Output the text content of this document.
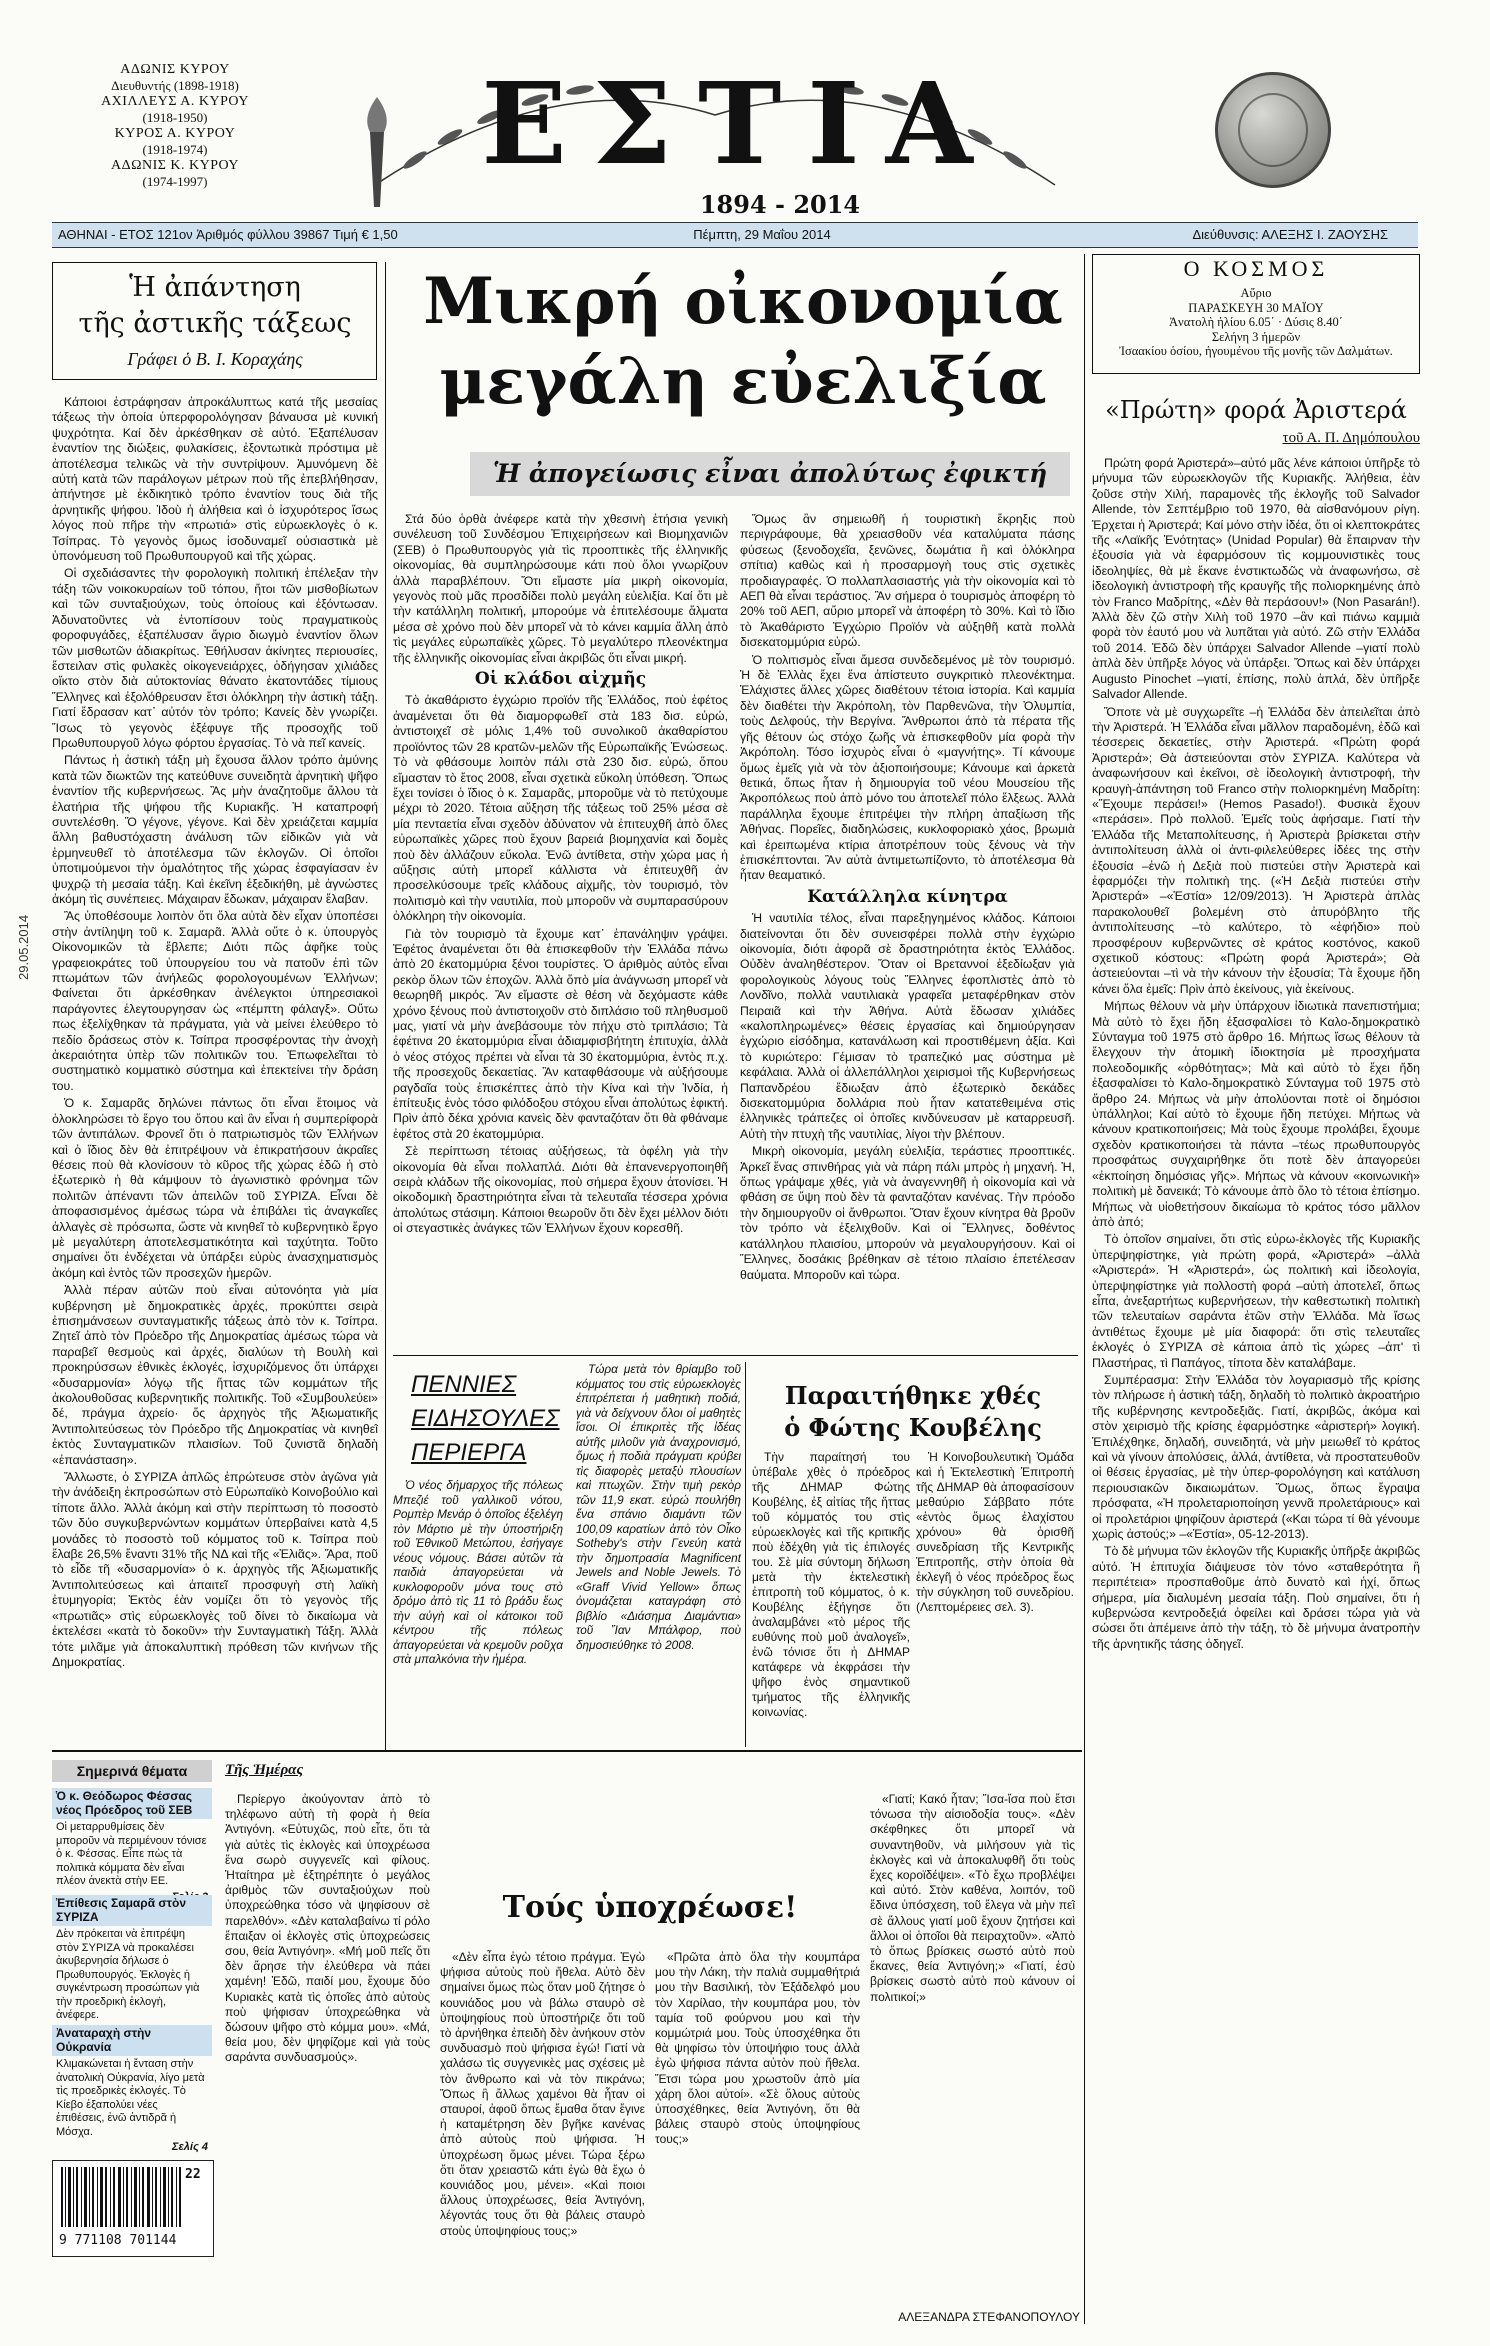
ΑΔΩΝΙΣ ΚΥΡΟΥ
Διευθυντής (1898-1918)
ΑΧΙΛΛΕΥΣ Α. ΚΥΡΟΥ
(1918-1950)
ΚΥΡΟΣ Α. ΚΥΡΟΥ
(1918-1974)
ΑΔΩΝΙΣ Κ. ΚΥΡΟΥ
(1974-1997)	ΕΣΤΙΑ
1894 - 2014
ΑΘΗΝΑΙ - ΕΤΟΣ 121ον Ἀριθμός φύλλου 39867 Τιμή € 1,50	Πέμπτη, 29 Μαΐου 2014	Διεύθυνσις: ΑΛΕΞΗΣ Ι. ΖΑΟΥΣΗΣ
Ἡ ἀπάντηση
τῆς ἀστικῆς τάξεως
Γράφει ὁ Β. Ι. Κοραχάης

Κάποιοι ἐστράφησαν ἀπροκάλυπτως κατά τῆς μεσαίας τάξεως τὴν ὁποία ὑπερφορολόγησαν βάναυσα μὲ κυνική ψυχρότητα. Καί δὲν ἀρκέσθηκαν σὲ αὐτό. Ἐξαπέλυσαν ἐναντίον της διώξεις, φυλακίσεις, ἐξοντωτικὰ πρόστιμα μὲ ἀποτέλεσμα τελικῶς νὰ τὴν συντρίψουν. Ἀμυνόμενη δὲ αὐτή κατὰ τῶν παράλογων μέτρων ποὺ τῆς ἐπεβλήθησαν, ἀπήντησε μὲ ἐκδικητικὸ τρόπο ἐναντίον τους διὰ τῆς ἀρνητικῆς ψήφου. Ἰδοὺ ἡ ἀλήθεια καὶ ὁ ἰσχυρότερος ἴσως λόγος ποὺ πῆρε τὴν «πρωτιά» στὶς εὐρωεκλογὲς ὁ κ. Τσίπρας. Τὸ γεγονὸς ὅμως ἰσοδυναμεῖ οὐσιαστικὰ μὲ ὑπονόμευση τοῦ Πρωθυπουργοῦ καὶ τῆς χώρας.

Οἱ σχεδιάσαντες τὴν φορολογικὴ πολιτική ἐπέλεξαν τὴν τάξη τῶν νοικοκυραίων τοῦ τόπου, ἤτοι τῶν μισθοβίωτων καὶ τῶν συνταξιούχων, τοὺς ὁποίους καὶ ἐξόντωσαν. Ἀδυνατοῦντες νὰ ἐντοπίσουν τοὺς πραγματικοὺς φοροφυγάδες, ἐξαπέλυσαν ἄγριο διωγμὸ ἐναντίον ὅλων τῶν μισθωτῶν ἀδιακρίτως. Ἐθήλυσαν ἀκίνητες περιουσίες, ἔστειλαν στὶς φυλακὲς οἰκογενειάρχες, ὁδήγησαν χιλιάδες οἴκτο στὸν διὰ αὐτοκτονίας θάνατο ἑκατοντάδες τίμιους Ἕλληνες καὶ ἐξολόθρευσαν ἔτσι ὁλόκληρη τὴν ἀστικὴ τάξη. Γιατί ἔδρασαν κατ᾽ αὐτόν τὸν τρόπο; Κανείς δὲν γνωρίζει. Ἴσως τὸ γεγονὸς ἐξέφυγε τῆς προσοχῆς τοῦ Πρωθυπουργοῦ λόγω φόρτου ἐργασίας. Τὸ νὰ πεῖ κανείς.

Πάντως ἡ ἀστικὴ τάξη μὴ ἔχουσα ἄλλον τρόπο ἀμύνης κατὰ τῶν διωκτῶν της κατεύθυνε συνειδητὰ ἀρνητικὴ ψῆφο ἐναντίον τῆς κυβερνήσεως. Ἂς μὴν ἀναζητοῦμε ἄλλου τὰ ἐλατήρια τῆς ψήφου τῆς Κυριακῆς. Ἡ καταπροφή συντελέσθη. Ὅ γέγονε, γέγονε. Καὶ δὲν χρειάζεται καμμία ἄλλη βαθυστόχαστη ἀνάλυση τῶν εἰδικῶν γιὰ νὰ ἑρμηνευθεῖ τὸ ἀποτέλεσμα τῶν ἐκλογῶν. Οἱ ὁποῖοι ὑποτιμούμενοι τὴν ὁμαλότητος τῆς χώρας ἐσφαγίασαν ἐν ψυχρῷ τὴ μεσαία τάξη. Καὶ ἐκεῖνη ἐξεδικήθη, μὲ ἀγνώστες ἀκόμη τὶς συνέπειες. Μάχαιραν ἔδωκαν, μάχαιραν ἔλαβαν.

Ἂς ὑποθέσουμε λοιπὸν ὅτι ὅλα αὐτὰ δὲν εἶχαν ὑποπέσει στὴν ἀντίληψη τοῦ κ. Σαμαρᾶ. Ἀλλὰ οὔτε ὁ κ. ὑπουργὸς Οἰκονομικῶν τὰ ἔβλεπε; Διότι πῶς ἀφῆκε τοὺς γραφειοκράτες τοῦ ὑπουργείου του νὰ πατοῦν ἐπὶ τῶν πτωμάτων τῶν ἀνήλεῶς φορολογουμένων Ἑλλήνων; Φαίνεται ὅτι ἀρκέσθηκαν ἀνέλεγκτοι ὑπηρεσιακοὶ παράγοντες ἐλεγτουργησαν ὡς «πέμπτη φάλαγξ». Οὔτω πως ἐξελίχθηκαν τὰ πράγματα, γιὰ νὰ μείνει ἐλεύθερο τὸ πεδίο δράσεως στὸν κ. Τσίπρα προσφέροντας τὴν ἀνοχὴ ἀκεραιότητα ὑπὲρ τῶν πολιτικῶν του. Ἐπωφελεῖται τὸ συστηματικὸ κομματικὸ σύστημα καὶ ἐπεκτείνει τὴν δράση του.

Ὁ κ. Σαμαρᾶς δηλώνει πάντως ὅτι εἶναι ἕτοιμος νὰ ὁλοκληρώσει τὸ ἔργο του ὅπου καὶ ἂν εἶναι ἡ συμπερίφορὰ τῶν ἀντιπάλων. Φρονεῖ ὅτι ὁ πατριωτισμὸς τῶν Ἑλλήνων καὶ ὁ ἴδιος δὲν θὰ ἐπιτρέψουν νὰ ἐπικρατήσουν ἀκραῖες θέσεις ποὺ θὰ κλονίσουν τὸ κῦρος τῆς χώρας ἐδῶ ἡ στὸ ἐξωτερικὸ ἡ θὰ κάμψουν τὸ ἀγωνιστικὸ φρόνημα τῶν πολιτῶν ἀπέναντι τῶν ἀπειλῶν τοῦ ΣΥΡΙΖΑ. Εἶναι δὲ ἀποφασισμένος ἀμέσως τώρα νὰ ἐπιβάλει τὶς ἀναγκαῖες ἀλλαγὲς σὲ πρόσωπα, ὥστε νὰ κινηθεῖ τὸ κυβερνητικὸ ἔργο μὲ μεγαλύτερη ἀποτελεσματικότητα καὶ ταχύτητα. Τοῦτο σημαίνει ὅτι ἐνδέχεται νὰ ὑπάρξει εὐρὺς ἀνασχηματισμὸς ἀκόμη καὶ ἐντὸς τῶν προσεχῶν ἡμερῶν.

Ἀλλὰ πέραν αὐτῶν ποὺ εἶναι αὐτονόητα γιὰ μία κυβέρνηση μὲ δημοκρατικὲς ἀρχές, προκύπτει σειρὰ ἐπισημάνσεων συνταγματικῆς τάξεως ἀπὸ τὸν κ. Τσίπρα. Ζητεῖ ἀπὸ τὸν Πρόεδρο τῆς Δημοκρατίας ἀμέσως τώρα νὰ παραβεῖ θεσμοὺς καὶ ἀρχές, διαλύων τὴ Βουλὴ καὶ προκηρύσσων ἐθνικὲς ἐκλογές, ἰσχυριζόμενος ὅτι ὑπάρχει «δυσαρμονία» λόγῳ τῆς ἥττας τῶν κομμάτων τῆς ἀκολουθοῦσας κυβερνητικῆς πολιτικῆς. Τοῦ «Συμβουλεύει» δέ, πράγμα ἀχρείο· ὅς ἀρχηγὸς τῆς Ἀξιωματικῆς Ἀντιπολιτεύσεως τὸν Πρόεδρο τῆς Δημοκρατίας νὰ κινηθεῖ ἐκτὸς Συνταγματικῶν πλαισίων. Τοῦ ζυνιστᾶ δηλαδὴ «ἐπανάσταση».

Ἄλλωστε, ὁ ΣΥΡΙΖΑ ἀπλῶς ἐπρώτευσε στὸν ἀγῶνα γιὰ τὴν ἀνάδειξη ἐκπροσώπων στὸ Εὐρωπαϊκὸ Κοινοβούλιο καὶ τίποτε ἄλλο. Ἀλλὰ ἀκόμη καὶ στὴν περίπτωση τὸ ποσοστὸ τῶν δύο συγκυβερνώντων κομμάτων ὑπερβαίνει κατὰ 4,5 μονάδες τὸ ποσοστὸ τοῦ κόμματος τοῦ κ. Τσίπρα ποὺ ἔλαβε 26,5% ἔναντι 31% τῆς ΝΔ καὶ τῆς «Ἐλιᾶς». Ἄρα, ποῦ τὸ εἶδε τῆ «δυσαρμονία» ὁ κ. ἀρχηγὸς τῆς Ἀξιωματικῆς Ἀντιπολιτεύσεως καὶ ἀπαιτεῖ προσφυγὴ στὴ λαϊκὴ ἐτυμηγορία; Ἐκτὸς ἐὰν νομίζει ὅτι τὸ γεγονὸς τῆς «πρωτιᾶς» στὶς εὐρωεκλογὲς τοῦ δίνει τὸ δικαίωμα νὰ ἐκτελέσει «κατὰ τὸ δοκοῦν» τὴν Συνταγματικὴ Τάξη. Ἀλλὰ τότε μιλᾶμε γιὰ ἀποκαλυπτικὴ πρόθεση τῶν κινήνων τῆς Δημοκρατίας.

29.05.2014
Μικρή οἰκονομία
μεγάλη εὐελιξία
Ἡ ἀπογείωσις εἶναι ἀπολύτως ἐφικτή

Στά δύο ὁρθὰ ἀνέφερε κατὰ τὴν χθεσινὴ ἐτήσια γενικὴ συνέλευση τοῦ Συνδέσμου Ἐπιχειρήσεων καὶ Βιομηχανιῶν (ΣΕΒ) ὁ Πρωθυπουργὸς γιὰ τὶς προοπτικὲς τῆς ἑλληνικῆς οἰκονομίας, θὰ συμπληρώσουμε κάτι ποὺ ὅλοι γνωρίζουν ἀλλὰ παραβλέπουν. Ὅτι εἴμαστε μία μικρὴ οἰκονομία, γεγονὸς ποὺ μᾶς προσδίδει πολὺ μεγάλη εὐελιξία. Καί ὅτι μὲ τὴν κατάλληλη πολιτική, μπορούμε νὰ ἐπιτελέσουμε ἅλματα μέσα σὲ χρόνο ποὺ δὲν μπορεῖ νὰ τὸ κάνει καμμία ἄλλη ἀπὸ τὶς μεγάλες εὐρωπαϊκὲς χῶρες. Τὸ μεγαλύτερο πλεονέκτημα τῆς ἑλληνικῆς οἰκονομίας εἶναι ἀκριβῶς ὅτι εἶναι μικρή.

Οἱ κλάδοι αἰχμῆς

Τὸ ἀκαθάριστο ἐγχώριο προϊόν τῆς Ἑλλάδος, ποὺ ἐφέτος ἀναμένεται ὅτι θὰ διαμορφωθεῖ στὰ 183 δισ. εὐρώ, ἀντιστοιχεῖ σὲ μόλις 1,4% τοῦ συνολικοῦ ἀκαθαρίστου προϊόντος τῶν 28 κρατῶν-μελῶν τῆς Εὐρωπαϊκῆς Ἑνώσεως. Τὸ νὰ φθάσουμε λοιπὸν πάλι στὰ 230 δισ. εὐρώ, ὅπου εἴμασταν τὸ ἔτος 2008, εἶναι σχετικὰ εὔκολη ὑπόθεση. Ὅπως ἔχει τονίσει ὁ ἴδιος ὁ κ. Σαμαρᾶς, μποροῦμε νὰ τὸ πετύχουμε μέχρι τὸ 2020. Τέτοια αὔξηση τῆς τάξεως τοῦ 25% μέσα σὲ μία πενταετία εἶναι σχεδὸν ἀδύνατον νὰ ἐπιτευχθῆ ἀπὸ ὅλες εὐρωπαϊκὲς χῶρες ποὺ ἔχουν βαρειά βιομηχανία καὶ δομὲς ποὺ δὲν ἀλλάζουν εὔκολα. Ἐνῶ ἀντίθετα, στὴν χώρα μας ἡ αὔξησις αὐτὴ μπορεῖ κάλλιστα νὰ ἐπιτευχθῆ ἀν προσελκύσουμε τρεῖς κλάδους αἰχμῆς, τὸν τουρισμό, τὸν πολιτισμὸ καὶ τὴν ναυτιλία, ποὺ μποροῦν νὰ συμπαρασύρουν ὁλόκληρη τὴν οἰκονομία.

Γιὰ τὸν τουρισμὸ τὰ ἔχουμε κατ᾽ ἐπανάληψιν γράψει. Ἐφέτος ἀναμένεται ὅτι θὰ ἐπισκεφθοῦν τὴν Ἑλλάδα πάνω ἀπὸ 20 ἑκατομμύρια ξένοι τουρίστες. Ὁ ἀριθμὸς αὐτὸς εἶναι ρεκὸρ ὅλων τῶν ἐποχῶν. Ἀλλὰ ὅπὸ μία ἀνάγνωση μπορεῖ νὰ θεωρηθῆ μικρός. Ἂν εἴμαστε σὲ θέση νὰ δεχόμαστε κάθε χρόνο ξένους ποὺ ἀντιστοιχοῦν στὸ διπλάσιο τοῦ πληθυσμοῦ μας, γιατί νὰ μὴν ἀνεβάσουμε τὸν πήχυ στὸ τριπλάσιο; Τὰ ἐφέτινα 20 ἑκατομμύρια εἶναι ἀδιαμφισβήτητη ἐπιτυχία, ἀλλὰ ὁ νέος στόχος πρέπει νὰ εἶναι τὰ 30 ἑκατομμύρια, ἐντὸς π.χ. τῆς προσεχοῦς δεκαετίας. Ἂν καταφθάσουμε νὰ αὐξήσουμε ραγδαῖα τοὺς ἐπισκέπτες ἀπὸ τὴν Κίνα καὶ τὴν Ἰνδία, ἡ ἐπίτευξις ἑνὸς τόσο φιλόδοξου στόχου εἶναι ἀπολύτως ἐφικτή. Πρὶν ἀπὸ δέκα χρόνια κανεὶς δὲν φανταζόταν ὅτι θὰ φθάναμε ἐφέτος στὰ 20 ἑκατομμύρια.

Σὲ περίπτωση τέτοιας αὐξήσεως, τὰ ὀφέλη γιὰ τὴν οἰκονομία θὰ εἶναι πολλαπλά. Διότι θὰ ἐπανενεργοποιηθῆ σειρὰ κλάδων τῆς οἰκονομίας, ποὺ σήμερα ἔχουν ἀτονίσει. Ἡ οἰκοδομικὴ δραστηριότητα εἶναι τὰ τελευταῖα τέσσερα χρόνια ἀπολύτως στάσιμη. Κάποιοι θεωροῦν ὅτι δὲν ἔχει μέλλον διότι οἱ στεγαστικὲς ἀνάγκες τῶν Ἑλλήνων ἔχουν κορεσθῆ.

Ὅμως ἂν σημειωθῆ ἡ τουριστικὴ ἔκρηξις ποὺ περιγράφουμε, θὰ χρειασθοῦν νέα καταλύματα πάσης φύσεως (ξενοδοχεῖα, ξενῶνες, δωμάτια ἢ καὶ ὁλόκληρα σπίτια) καθὼς καὶ ἡ προσαρμογὴ τους στὶς σχετικὲς προδιαγραφές. Ὁ πολλαπλασιαστής γιὰ τὴν οἰκονομία καὶ τὸ ΑΕΠ θὰ εἶναι τεράστιος. Ἂν σήμερα ὁ τουρισμὸς ἀποφέρη τὸ 20% τοῦ ΑΕΠ, αὔριο μπορεῖ νὰ ἀποφέρη τὸ 30%. Καὶ τὸ ἴδιο τὸ Ἀκαθάριστο Ἐγχώριο Προϊόν νὰ αὐξηθῆ κατὰ πολλὰ δισεκατομμύρια εὐρώ.

Ὁ πολιτισμὸς εἶναι ἄμεσα συνδεδεμένος μὲ τὸν τουρισμό. Ἡ δὲ Ἑλλὰς ἔχει ἕνα ἀπίστευτο συγκριτικὸ πλεονέκτημα. Ἐλάχιστες ἄλλες χῶρες διαθέτουν τέτοια ἱστορία. Καὶ καμμία δὲν διαθέτει τὴν Ἀκρόπολη, τὸν Παρθενῶνα, τὴν Ὀλυμπία, τοὺς Δελφούς, τὴν Βεργίνα. Ἄνθρωποι ἀπὸ τὰ πέρατα τῆς γῆς θέτουν ὡς στόχο ζωῆς νὰ ἐπισκεφθοῦν μία φορὰ τὴν Ἀκρόπολη. Τόσο ἰσχυρὸς εἶναι ὁ «μαγνήτης». Τί κάνουμε ὅμως ἐμεῖς γιὰ νὰ τὸν ἀξιοποιήσουμε; Κάνουμε καὶ ἀρκετὰ θετικά, ὅπως ἦταν ἡ δημιουργία τοῦ νέου Μουσείου τῆς Ἀκροπόλεως ποὺ ἀπὸ μόνο του ἀποτελεῖ πόλο ἕλξεως. Ἀλλὰ παράλληλα ἔχουμε ἐπιτρέψει τὴν πλήρη ἀπαξίωση τῆς Ἀθήνας. Πορεῖες, διαδηλώσεις, κυκλοφοριακὸ χάος, βρωμιὰ καὶ ἐρειπωμένα κτίρια ἀποτρέπουν τοὺς ξένους νὰ τὴν ἐπισκέπτονται. Ἂν αὐτὰ ἀντιμετωπίζοντο, τὸ ἀποτέλεσμα θὰ ἦταν θεαματικό.

Κατάλληλα κίνητρα

Ἡ ναυτιλία τέλος, εἶναι παρεξηγημένος κλάδος. Κάποιοι διατείνονται ὅτι δὲν συνεισφέρει πολλὰ στὴν ἐγχώριο οἰκονομία, διότι ἀφορᾶ σὲ δραστηριότητα ἐκτὸς Ἑλλάδος. Οὐδὲν ἀναληθέστερον. Ὅταν οἱ Βρεταννοί ἐξεδίωξαν γιὰ φορολογικοὺς λόγους τοὺς Ἕλληνες ἐφοπλιστὲς ἀπὸ τὸ Λονδῖνο, πολλὰ ναυτιλιακὰ γραφεῖα μεταφέρθηκαν στὸν Πειραιᾶ καὶ τὴν Ἀθήνα. Αὐτὰ ἔδωσαν χιλιάδες «καλοπληρωμένες» θέσεις ἐργασίας καὶ δημιούργησαν ἐγχώριο εἰσόδημα, κατανάλωση καὶ προστιθέμενη ἀξία. Καὶ τὸ κυριώτερο: Γέμισαν τὸ τραπεζικό μας σύστημα μὲ κεφάλαια. Ἀλλὰ οἱ ἀλλεπάλληλοι χειρισμοὶ τῆς Κυβερνήσεως Παπανδρέου ἔδιωξαν ἀπὸ ἐξωτερικὸ δεκάδες δισεκατομμύρια δολλάρια ποὺ ἦταν κατατεθειμένα στὶς ἑλληνικὲς τράπεζες οἱ ὁποῖες κινδύνευσαν μὲ καταρρευσῆ. Αὐτὴ τὴν πτυχὴ τῆς ναυτιλίας, λίγοι τὴν βλέπουν.

Μικρὴ οἰκονομία, μεγάλη εὐελιξία, τεράστιες προοπτικές. Ἀρκεῖ ἕνας σπινθήρας γιὰ νὰ πάρη πάλι μπρὸς ἡ μηχανή. Ἡ, ὅπως γράψαμε χθές, γιὰ νὰ ἀναγεννηθῆ ἡ οἰκονομία καὶ νὰ φθάση σε ὕψη ποὺ δὲν τὰ φανταζόταν κανένας. Τὴν πρόοδο τὴν δημιουργοῦν οἱ ἄνθρωποι. Ὅταν ἔχουν κίνητρα θὰ βροῦν τὸν τρόπο νὰ ἐξελιχθοῦν. Καὶ οἱ Ἕλληνες, δοθέντος κατάλληλου πλαισίου, μπορούν νὰ μεγαλουργήσουν. Καὶ οἱ Ἕλληνες, δοσάκις βρέθηκαν σὲ τέτοιο πλαίσιο ἐπετέλεσαν θαύματα. Μποροῦν καὶ τώρα.

ΠΕΝΝΙΕΣ
ΕΙΔΗΣΟΥΛΕΣ
ΠΕΡΙΕΡΓΑ

Ὁ νέος δήμαρχος τῆς πόλεως Μπεζιέ τοῦ γαλλικοῦ νότου, Ρομπὲρ Μενάρ ὁ ὁποῖος ἐξελέγη τὸν Μάρτιο μὲ τὴν ὑποστήριξη τοῦ Ἐθνικοῦ Μετώπου, ἐσήγαγε νέους νόμους. Βάσει αὐτῶν τὰ παιδιὰ ἀπαγορεύεται νὰ κυκλοφοροῦν μόνα τους στὸ δρόμο ἀπὸ τὶς 11 τὸ βράδυ ἕως τὴν αὐγὴ καὶ οἱ κάτοικοι τοῦ κέντρου τῆς πόλεως ἀπαγορεύεται νὰ κρεμοῦν ροῦχα στὰ μπαλκόνια τὴν ἡμέρα.

Τώρα μετὰ τὸν θρίαμβο τοῦ κόμματος του στὶς εὐρωεκλογὲς ἐπιτρέπεται ἡ μαθητικὴ ποδιά, γιὰ νὰ δείχνουν ὅλοι οἱ μαθητὲς ἴσοι. Οἱ ἐπικριτὲς τῆς ἰδέας αὐτῆς μιλοῦν γιὰ ἀναχρονισμό, ὅμως ἡ ποδιὰ πράγματι κρύβει τὶς διαφορὲς μεταξὺ πλουσίων καὶ πτωχῶν. Στὴν τιμὴ ρεκὸρ τῶν 11,9 εκατ. εὐρώ πουλήθη ἕνα σπάνιο διαμάντι τῶν 100,09 καρατίων ἀπὸ τὸν Οἶκο Sotheby's στὴν Γενεύη κατὰ τὴν δημοπρασία Magnificent Jewels and Noble Jewels. Τὸ «Graff Vivid Yellow» ὅπως ὀνομάζεται καταγράφη στὸ βιβλίο «Διάσημα Διαμάντια» τοῦ Ἴαν Μπάλφορ, ποὺ δημοσιεύθηκε τὸ 2008.

Παραιτήθηκε χθές
ὁ Φώτης Κουβέλης

Τὴν παραίτησή του ὑπέβαλε χθὲς ὁ πρόεδρος τῆς ΔΗΜΑΡ Φώτης Κουβέλης, ἐξ αἰτίας τῆς ἥττας τοῦ κόμματός του στὶς εὐρωεκλογὲς καὶ τῆς κριτικῆς ποὺ ἐδέχθη γιὰ τὶς ἐπιλογές του. Σὲ μία σύντομη δήλωση μετὰ τὴν ἐκτελεστικὴ ἐπιτροπὴ τοῦ κόμματος, ὁ κ. Κουβέλης ἐξήγησε ὅτι ἀναλαμβάνει «τὸ μέρος τῆς ευθύνης ποὺ μοῦ ἀναλογεῖ», ἐνῶ τόνισε ὅτι ἡ ΔΗΜΑΡ κατάφερε νὰ ἐκφράσει τὴν ψῆφο ἑνὸς σημαντικοῦ τμήματος τῆς ἑλληνικῆς κοινωνίας.

Ἡ Κοινοβουλευτικὴ Ὁμάδα καὶ ἡ Ἐκτελεστικὴ Ἐπιτροπὴ τῆς ΔΗΜΑΡ θὰ ἀποφασίσουν μεθαύριο Σάββατο πότε «ἐντὸς ὅμως ἐλαχίστου χρόνου» θὰ ὁρισθῆ συνεδρίαση τῆς Κεντρικῆς Ἐπιτροπῆς, στὴν ὁποία θὰ ἐκλεγῆ ὁ νέος πρόεδρος ἕως τὴν σύγκληση τοῦ συνεδρίου. (Λεπτομέρειες σελ. 3).

Ο ΚΟΣΜΟΣ
Αὔριο
ΠΑΡΑΣΚΕΥΗ 30 ΜΑΪΟΥ
Ἀνατολὴ ἡλίου 6.05΄ · Δύσις 8.40΄
Σελήνη 3 ἡμερῶν
Ἰσαακίου ὁσίου, ἡγουμένου τῆς μονῆς τῶν Δαλμάτων.
«Πρώτη» φορά Ἀριστερά
τοῦ Α. Π. Δημόπουλου

Πρώτη φορά Ἀριστερά»–αὐτό μᾶς λένε κάποιοι ὑπῆρξε τὸ μήνυμα τῶν εὐρωεκλογῶν τῆς Κυριακῆς. Ἀλήθεια, ἐὰν ζοῦσε στὴν Χιλή, παραμονὲς τῆς ἐκλογῆς τοῦ Salvador Allende, τὸν Σεπτέμβριο τοῦ 1970, θὰ αἰσθανόμουν ρίγη. Ἐρχεται ἡ Ἀριστερά; Καί μόνο στὴν ἰδέα, ὅτι οἱ κλεπτοκράτες τῆς «Λαϊκῆς Ἐνότητας» (Unidad Popular) θὰ ἔπαιρναν τὴν ἐξουσία γιὰ νὰ ἐφαρμόσουν τὶς κομμουνιστικὲς τους ἰδεοληψίες, θὰ μὲ ἔκανε ἐνστικτωδῶς νὰ ἀναφωνήσω, σὲ ἰδεολογικὴ ἀντιστροφὴ τῆς κραυγῆς τῆς πολιορκημένης ἀπὸ τὸν Franco Μαδρίτης, «Δὲν θὰ περάσουν!» (Non Pasarán!). Ἀλλὰ δὲν ζῶ στὴν Χιλὴ τοῦ 1970 –ἂν καὶ πιάνω καμμιὰ φορὰ τὸν ἑαυτό μου νὰ λυπᾶται γιὰ αὐτό. Ζῶ στὴν Ἑλλάδα τοῦ 2014. Ἐδῶ δὲν ὑπάρχει Salvador Allende –γιατί πολὺ ἁπλὰ δὲν ὑπῆρξε λόγος νὰ ὑπάρξει. Ὅπως καὶ δὲν ὑπάρχει Augusto Pinochet –γιατί, ἐπίσης, πολὺ ἁπλά, δὲν ὑπῆρξε Salvador Allende.

Ὅποτε νὰ μὲ συγχωρεῖτε –ἡ Ἑλλάδα δὲν ἀπειλεῖται ἀπὸ τὴν Ἀριστερά. Ἡ Ἑλλάδα εἶναι μᾶλλον παραδομένη, ἐδῶ καὶ τέσσερεις δεκαετίες, στὴν Ἀριστερά. «Πρώτη φορά Ἀριστερά»; Θὰ ἀστειεύονται στὸν ΣΥΡΙΖΑ. Καλύτερα νὰ ἀναφωνήσουν καὶ ἐκεῖνοι, σὲ ἰδεολογικὴ ἀντιστροφή, τὴν κραυγὴ-ἀπάντηση τοῦ Franco στὴν πολιορκημένη Μαδρίτη: «Ἔχουμε περάσει!» (Hemos Pasado!). Φυσικὰ ἔχουν «περάσει». Πρὸ πολλοῦ. Ἐμεῖς τοὺς ἀφήσαμε. Γιατί τὴν Ἑλλάδα τῆς Μεταπολίτευσης, ἡ Ἀριστερὰ βρίσκεται στὴν ἀντιπολίτευση ἀλλὰ οἱ ἀντι-φιλελεύθερες ἰδέες της στὴν ἐξουσία –ἐνῶ ἡ Δεξιὰ ποὺ πιστεύει στὴν Ἀριστερὰ καὶ ἐφαρμόζει τὴν πολιτικὴ της. («Ἡ Δεξιὰ πιστεύει στὴν Ἀριστερά» –«Ἑστία» 12/09/2013). Ἡ Ἀριστερὰ ἀπλὰς παρακολουθεῖ βολεμένη στὸ ἀπυρόβλητο τῆς ἀντιπολίτευσης –τὸ καλύτερο, τὸ «ἐφήδιο» ποὺ προσφέρουν κυβερνῶντες σὲ κράτος κοστόνος, κακοῦ σχετικοῦ κόστους: «Πρώτη φορά Ἀριστερά»; Θὰ ἀστειεύονται –τὶ νὰ τὴν κάνουν τὴν ἐξουσία; Τὰ ἔχουμε ἤδη κάνει ὅλα ἐμεῖς: Πρὶν ἀπὸ ἐκείνους, γιὰ ἐκείνους.

Μήπως θέλουν νὰ μὴν ὑπάρχουν ἰδιωτικὰ πανεπιστήμια; Μὰ αὐτὸ τὸ ἔχει ἤδη ἐξασφαλίσει τὸ Καλο-δημοκρατικὸ Σύνταγμα τοῦ 1975 στὸ ἄρθρο 16. Μήπως ἴσως θέλουν τὰ ἔλεγχουν τὴν ἀτομικὴ ἰδιοκτησία μὲ προσχήματα πολεοδομικῆς «ὀρθότητας»; Μὰ καὶ αὐτὸ τὸ ἔχει ἤδη ἐξασφαλίσει τὸ Καλο-δημοκρατικὸ Σύνταγμα τοῦ 1975 στὸ ἄρθρο 24. Μήπως νὰ μὴν ἀπολύονται ποτὲ οἱ δημόσιοι ὑπάλληλοι; Καί αὐτὸ τὸ ἔχουμε ἤδη πετύχει. Μήπως νὰ κάνουν κρατικοποιήσεις; Μὰ τοὺς ἔχουμε προλάβει, ἔχουμε σχεδὸν κρατικοποιήσει τὰ πάντα –τέως πρωθυπουργὸς προσφάτως συγχαιρήθηκε ὅτι ποτὲ δὲν ἀπαγορεύει «ἐκποίηση δημόσιας γῆς». Μήπως νὰ κάνουν «κοινωνικὴ» πολιτικὴ μὲ δανεικά; Τὸ κάνουμε ἀπὸ ὅλο τὸ τέτοια ἐπίσημο. Μήπως νὰ υἱοθετήσουν δικαίωμα τὸ κράτος τόσο μᾶλλον ἀπὸ ἀπό;

Τὸ ὁποῖον σημαίνει, ὅτι στὶς εὐρω-ἐκλογὲς τῆς Κυριακῆς ὑπερψηφίστηκε, γιὰ πρώτη φορά, «Ἀριστερά» –ἀλλὰ «Ἀριστερά». Ἡ «Ἀριστερά», ὡς πολιτικὴ καὶ ἰδεολογία, ὑπερψηφίστηκε γιὰ πολλοστὴ φορά –αὐτὴ ἀποτελεῖ, ὅπως εἶπα, ἀνεξαρτήτως κυβερνήσεων, τὴν καθεστωτικὴ πολιτικὴ τῶν τελευταίων σαράντα ἐτῶν στὴν Ἑλλάδα. Μὰ ἴσως ἀντιθέτως ἔχουμε μὲ μία διαφορά: ὅτι στὶς τελευταῖες ἐκλογές ὁ ΣΥΡΙΖΑ σὲ κάποια ἀπὸ τὶς χώρες –ἀπ' τὶ Πλαστήρας, τὶ Παπάγος, τίποτα δὲν καταλάβαμε.

Συμπέρασμα: Στὴν Ἑλλάδα τὸν λογαριασμὸ τῆς κρίσης τὸν πλήρωσε ἡ ἀστικὴ τάξη, δηλαδὴ τὸ πολιτικὸ ἀκροατήριο τῆς κυβέρνησης κεντροδεξιᾶς. Γιατί, ἀκριβῶς, ἀκόμα καὶ στὸν χειρισμὸ τῆς κρίσης ἐφαρμόστηκε «ἀριστερή» λογική. Ἐπιλέχθηκε, δηλαδή, συνειδητά, νὰ μὴν μειωθεῖ τὸ κράτος καὶ νὰ γίνουν ἀπολύσεις, ἀλλά, ἀντίθετα, νὰ προστατευθοῦν οἱ θέσεις ἐργασίας, μὲ τὴν ὑπερ-φορολόγηση καὶ κατάλυση περιουσιακῶν δικαιωμάτων. Ὅμως, ὅπως ἔγραψα πρόσφατα, «Ἡ προλεταριοποίηση γεννᾶ προλετάριους» καὶ οἱ προλετάριοι ψηφίζουν ἀριστερά («Και τώρα τί θὰ γένουμε χωρὶς ἀστούς;» –«Ἑστία», 05-12-2013).

Τὸ δὲ μήνυμα τῶν ἐκλογῶν τῆς Κυριακῆς ὑπῆρξε ἀκριβῶς αὐτό. Ἡ ἐπιτυχία διάψευσε τὸν τόνο «σταθερότητα ἢ περιπέτεια» προσπαθοῦμε ἀπὸ δυνατὸ καὶ ἡχί, ὅπως σήμερα, μία διαλυμένη μεσαία τάξη. Ποὺ σημαίνει, ὅτι ἡ κυβερνώσα κεντροδεξιά ὀφείλει καὶ δράσει τώρα γιὰ νὰ σώσει ὅτι ἀπέμεινε ἀπὸ τὴν τάξη, τὸ δὲ μήνυμα ἀνατροπὴν τῆς ἀρνητικῆς τάσης ὁδηγεῖ.

Σημερινά θέματα
Ὁ κ. Θεόδωρος Φέσσας νέος Πρόεδρος τοῦ ΣΕΒ
Οἱ μεταρρυθμίσεις δὲν μποροῦν νὰ περιμένουν τόνισε ὁ κ. Φέσσας. Εἶπε πὼς τὰ πολιτικὰ κόμματα δὲν εἶναι πλέον ἀνεκτὰ στὴν ΕΕ.
Ἐπίθεσις Σαμαρᾶ στὸν ΣΥΡΙΖΑ
Δὲν πρόκειται νὰ ἐπιτρέψη στὸν ΣΥΡΙΖΑ νὰ προκαλέσει ἀκυβερνησία δήλωσε ὁ Πρωθυπουργός. Ἐκλογὲς ἡ συγκέντρωση προσώπων γιὰ τὴν προεδρικὴ ἐκλογὴ, ἀνέφερε.
Ἀναταραχὴ στὴν Οὐκρανία
Κλιμακώνεται ἡ ἔνταση στὴν ἀνατολικὴ Οὐκρανία, λίγο μετὰ τὶς προεδρικὲς ἐκλογές. Τὸ Κίεβο ἐξαπολύει νέες ἐπιθέσεις, ἐνῶ ἀντιδρᾶ ἡ Μόσχα.
Σελίς 4
9 771108 701144
22
Τῆς Ἡμέρας
Τούς ὑποχρέωσε!

Περίεργο ἀκούγονταν ἀπὸ τὸ τηλέφωνο αὐτὴ τὴ φορὰ ἡ θεία Ἀντιγόνη. «Εὐτυχῶς, ποὺ εἶτε, ὅτι τὰ γιὰ αὐτὲς τὶς ἐκλογὲς καὶ ὑποχρέωσα ἕνα σωρὸ συγγενεῖς καὶ φίλους. Ἠταίτηρα μὲ ἐξτηρέπητε ὁ μεγάλος ἀριθμὸς τῶν συνταξιούχων ποὺ ὑποχρεώθηκα τόσο νὰ ψηφίσουν σὲ παρελθόν». «Δὲν καταλαβαίνω τί ρόλο ἔπαιξαν οἱ ἐκλογὲς στὶς ὑποχρεώσεις σου, θεία Ἀντιγόνη». «Μή μοῦ πεῖς ὅτι δὲν ἄρησε τὴν ἐλεύθερα νὰ πάει χαμένη! Ἐδῶ, παιδί μου, ἔχουμε δύο Κυριακὲς κατὰ τὶς ὁποῖες ἀπὸ αὐτοὺς ποὺ ψήφισαν ὑποχρεώθηκα νὰ δώσουν ψῆφο στὸ κόμμα μου». «Μά, θεία μου, δὲν ψηφίζομε καὶ γιὰ τοὺς σαράντα συνδυασμούς».

«Δὲν εἶπα ἐγὼ τέτοιο πράγμα. Ἐγὼ ψήφισα αὐτοὺς ποὺ ἤθελα. Αὐτὸ δὲν σημαίνει ὅμως πὼς ὅταν μοῦ ζήτησε ὁ κουνιάδος μου νὰ βάλω σταυρὸ σὲ ὑποψηφίους ποὺ ὑποστήριζε ὅτι τοῦ τὸ ἀρνήθηκα ἐπειδὴ δὲν ἀνήκουν στὸν συνδυασμὸ ποὺ ψήφισα ἐγώ! Γιατί νὰ χαλάσω τὶς συγγενικὲς μας σχέσεις μὲ τὸν ἄνθρωπο καὶ νὰ τὸν πικράνω; Ὄπως ἢ ἄλλως χαμένοι θὰ ἦταν οἱ σταυροί, ἀφοῦ ὅπως ἔμαθα ὅταν ἔγινε ἡ καταμέτρηση δὲν βγῆκε κανένας ἀπὸ αὐτοὺς ποὺ ψήφισα. Ἡ ὑποχρέωση ὅμως μένει. Τώρα ξέρω ὅτι ὅταν χρειαστῶ κάτι ἐγὼ θὰ ἔχω ὁ κουνιάδος μου, μένει». «Καὶ ποιοι ἄλλους ὑποχρέωσες, θεία Ἀντιγόνη, λέγοντάς τους ὅτι θὰ βάλεις σταυρὸ στοὺς ὑποψηφίους τους;»

«Πρῶτα ἀπὸ ὅλα τὴν κουμπάρα μου τὴν Λάκη, τὴν παλιὰ συμμαθήτριά μου τὴν Βασιλική, τὸν Ἐξάδελφό μου τὸν Χαρίλαο, τὴν κουμπάρα μου, τὸν ταμία τοῦ φούρνου μου καὶ τὴν κομμώτριά μου. Τοὺς ὑποσχέθηκα ὅτι θὰ ψηφίσω τὸν ὑποψήφιο τους ἀλλὰ ἐγὼ ψήφισα πάντα αὐτὸν ποὺ ἤθελα. Ἔτσι τώρα μου χρωστοῦν ἀπὸ μία χάρη ὅλοι αὐτοί». «Σὲ ὅλους αὐτοὺς ὑποσχέθηκες, θεία Ἀντιγόνη, ὅτι θὰ βάλεις σταυρὸ στοὺς ὑποψηφίους τους;»

«Γιατί; Κακό ἦταν; Ἴσα-ἴσα ποὺ ἔτσι τόνωσα τὴν αἰσιοδοξία τους». «Δὲν σκέφθηκες ὅτι μπορεῖ νὰ συναντηθοῦν, νὰ μιλήσουν γιὰ τὶς ἐκλογὲς καὶ νὰ ἀποκαλυφθῆ ὅτι τοὺς ἔχες κοροϊδέψει». «Τὸ ἔχω προβλέψει καὶ αὐτό. Στὸν καθένα, λοιπόν, τοῦ ἔδινα ὑπόσχεση, τοῦ ἔλεγα νὰ μὴν πεῖ σὲ ἄλλους γιατί μοῦ ἔχουν ζητήσει καὶ ἄλλοι οἱ ὁποῖοι θὰ πειραχτοῦν». «Ἀπὸ τὸ ὅπως βρίσκεις σωστό αὐτὸ ποὺ ἔκανες, θεία Ἀντιγόνη;» «Γιατί, ἐσὺ βρίσκεις σωστὸ αὐτὸ ποὺ κάνουν οἱ πολιτικοί;»

ΑΛΕΞΑΝΔΡΑ ΣΤΕΦΑΝΟΠΟΥΛΟΥ
